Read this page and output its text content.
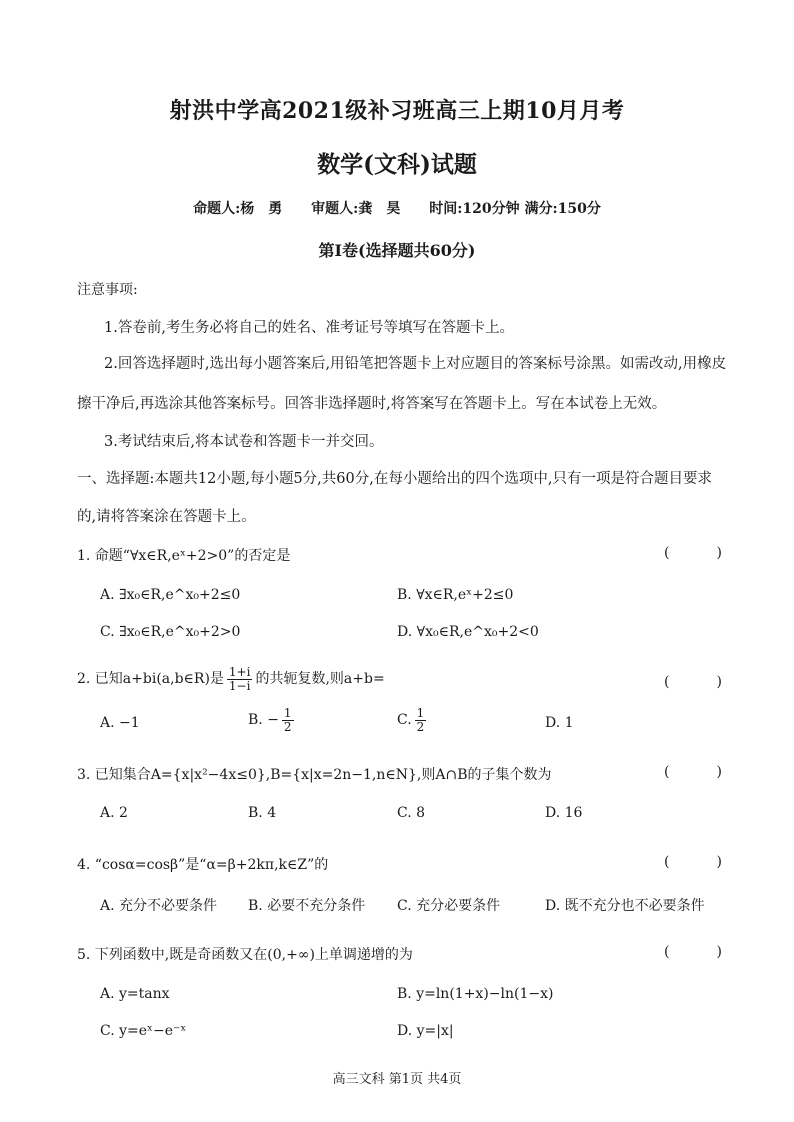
射洪中学高2021级补习班高三上期10月月考
数学(文科)试题
命题人:杨　勇 审题人:龚　昊 时间:120分钟 满分:150分
第Ⅰ卷(选择题共60分)
注意事项:
1.答卷前,考生务必将自己的姓名、准考证号等填写在答题卡上。
2.回答选择题时,选出每小题答案后,用铅笔把答题卡上对应题目的答案标号涂黑。如需改动,用橡皮
擦干净后,再选涂其他答案标号。回答非选择题时,将答案写在答题卡上。写在本试卷上无效。
3.考试结束后,将本试卷和答题卡一并交回。
一、选择题:本题共12小题,每小题5分,共60分,在每小题给出的四个选项中,只有一项是符合题目要求
的,请将答案涂在答题卡上。
1. 命题“∀x∈R,eˣ+2>0”的否定是	(	)
A. ∃x₀∈R,e^x₀+2≤0	B. ∀x∈R,eˣ+2≤0
C. ∃x₀∈R,e^x₀+2>0	D. ∀x₀∈R,e^x₀+2<0
2. 已知a+bi(a,b∈R)是 $\frac{1+i}{1-i}$ 的共轭复数,则a+b=	(	)
A. −1	B. − $\frac{1}{2}$	C. $\frac{1}{2}$	D. 1
3. 已知集合A={x|x²−4x≤0},B={x|x=2n−1,n∈N},则A∩B的子集个数为	(	)
A. 2	B. 4	C. 8	D. 16
4. “cosα=cosβ”是“α=β+2kπ,k∈Z”的	(	)
A. 充分不必要条件 B. 必要不充分条件 C. 充分必要条件	D. 既不充分也不必要条件
5. 下列函数中,既是奇函数又在(0,+∞)上单调递增的为	(	)
A. y=tanx	B. y=ln(1+x)−ln(1−x)
C. y=eˣ−e⁻ˣ	D. y=|x|
高三文科 第1页 共4页
